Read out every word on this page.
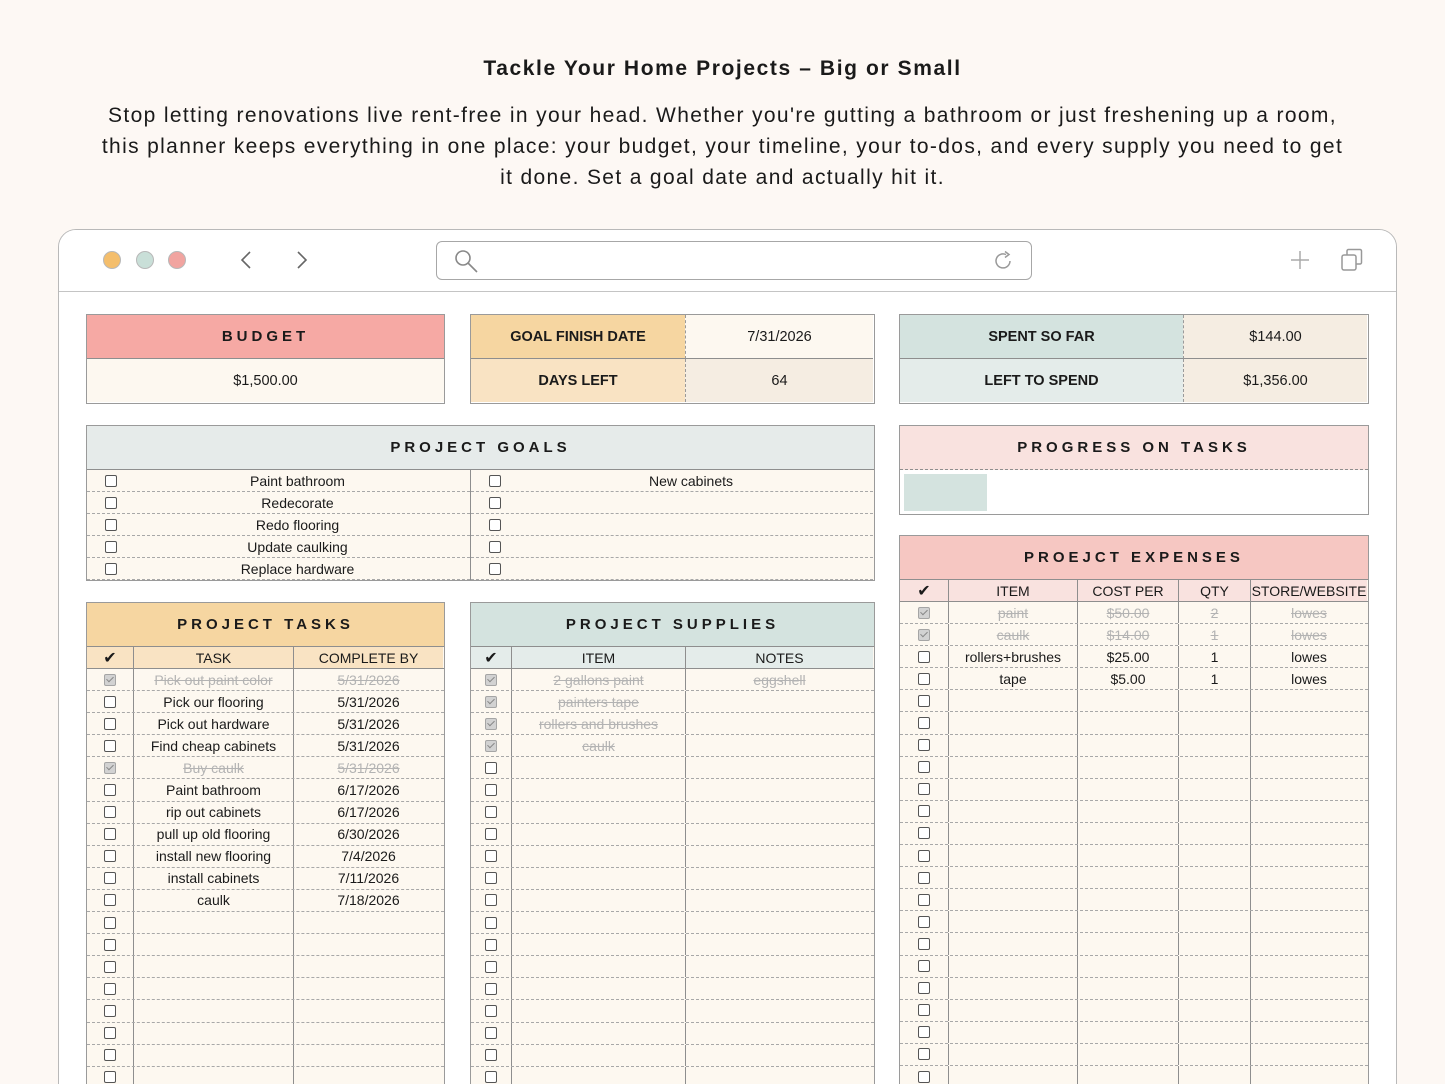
Tackle Your Home Projects – Big or Small
Stop letting renovations live rent-free in your head. Whether you're gutting a bathroom or just freshening up a room, this planner keeps everything in one place: your budget, your timeline, your to-dos, and every supply you need to get it done. Set a goal date and actually hit it.
BUDGET
$1,500.00
GOAL FINISH DATE	7/31/2026
DAYS LEFT	64
SPENT SO FAR	$144.00
LEFT TO SPEND	$1,356.00
PROJECT GOALS
Paint bathroom
Redecorate
Redo flooring
Update caulking
Replace hardware
New cabinets
PROGRESS ON TASKS
PROEJCT EXPENSES
✔	ITEM	COST PER	QTY	STORE/WEBSITE
paint	$50.00	2	lowes
caulk	$14.00	1	lowes
rollers+brushes	$25.00	1	lowes
tape	$5.00	1	lowes
PROJECT TASKS
✔	TASK	COMPLETE BY
Pick out paint color	5/31/2026
Pick our flooring	5/31/2026
Pick out hardware	5/31/2026
Find cheap cabinets	5/31/2026
Buy caulk	5/31/2026
Paint bathroom	6/17/2026
rip out cabinets	6/17/2026
pull up old flooring	6/30/2026
install new flooring	7/4/2026
install cabinets	7/11/2026
caulk	7/18/2026
PROJECT SUPPLIES
✔	ITEM	NOTES
2 gallons paint	eggshell
painters tape
rollers and brushes
caulk
